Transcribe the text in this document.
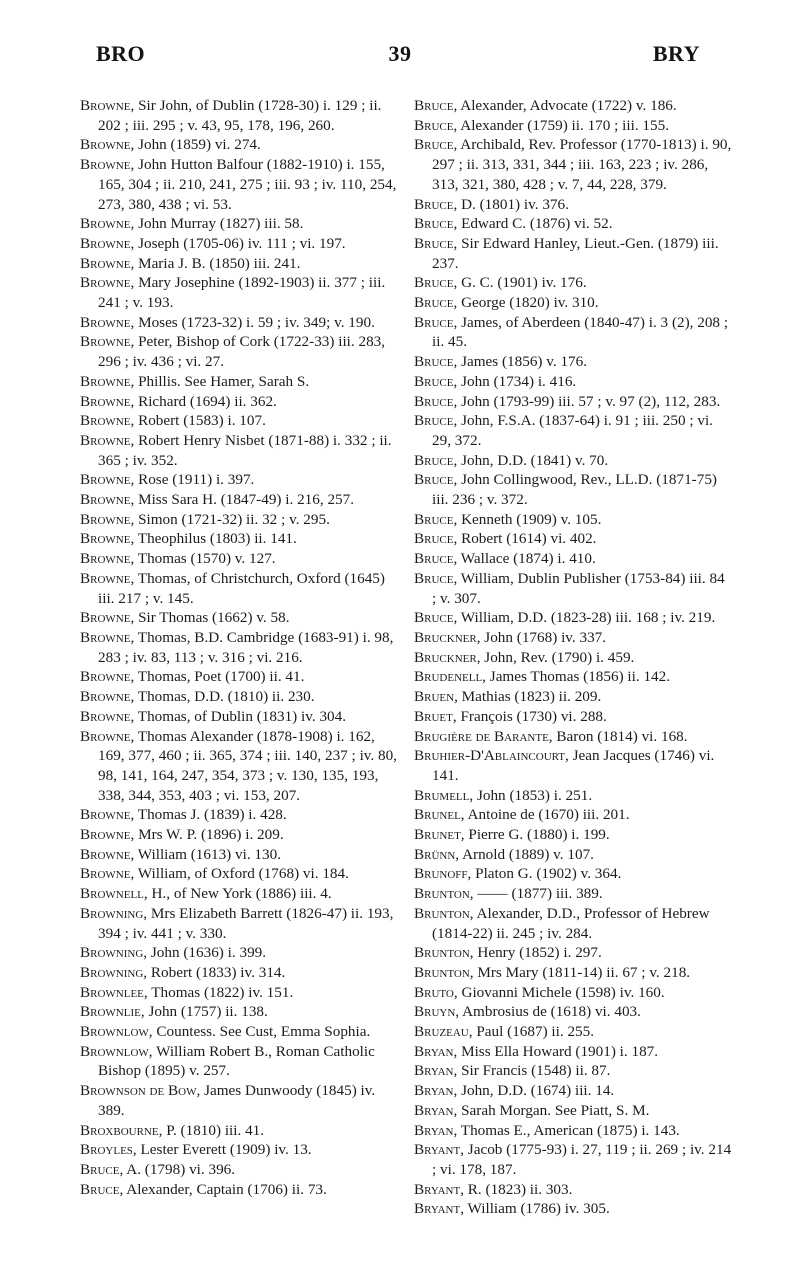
BRO	39	BRY

Browne, Sir John, of Dublin (1728-30) i. 129 ; ii. 202 ; iii. 295 ; v. 43, 95, 178, 196, 260.

Browne, John (1859) vi. 274.

Browne, John Hutton Balfour (1882-1910) i. 155, 165, 304 ; ii. 210, 241, 275 ; iii. 93 ; iv. 110, 254, 273, 380, 438 ; vi. 53.

Browne, John Murray (1827) iii. 58.

Browne, Joseph (1705-06) iv. 111 ; vi. 197.

Browne, Maria J. B. (1850) iii. 241.

Browne, Mary Josephine (1892-1903) ii. 377 ; iii. 241 ; v. 193.

Browne, Moses (1723-32) i. 59 ; iv. 349; v. 190.

Browne, Peter, Bishop of Cork (1722-33) iii. 283, 296 ; iv. 436 ; vi. 27.

Browne, Phillis. See Hamer, Sarah S.

Browne, Richard (1694) ii. 362.

Browne, Robert (1583) i. 107.

Browne, Robert Henry Nisbet (1871-88) i. 332 ; ii. 365 ; iv. 352.

Browne, Rose (1911) i. 397.

Browne, Miss Sara H. (1847-49) i. 216, 257.

Browne, Simon (1721-32) ii. 32 ; v. 295.

Browne, Theophilus (1803) ii. 141.

Browne, Thomas (1570) v. 127.

Browne, Thomas, of Christchurch, Oxford (1645) iii. 217 ; v. 145.

Browne, Sir Thomas (1662) v. 58.

Browne, Thomas, B.D. Cambridge (1683-91) i. 98, 283 ; iv. 83, 113 ; v. 316 ; vi. 216.

Browne, Thomas, Poet (1700) ii. 41.

Browne, Thomas, D.D. (1810) ii. 230.

Browne, Thomas, of Dublin (1831) iv. 304.

Browne, Thomas Alexander (1878-1908) i. 162, 169, 377, 460 ; ii. 365, 374 ; iii. 140, 237 ; iv. 80, 98, 141, 164, 247, 354, 373 ; v. 130, 135, 193, 338, 344, 353, 403 ; vi. 153, 207.

Browne, Thomas J. (1839) i. 428.

Browne, Mrs W. P. (1896) i. 209.

Browne, William (1613) vi. 130.

Browne, William, of Oxford (1768) vi. 184.

Brownell, H., of New York (1886) iii. 4.

Browning, Mrs Elizabeth Barrett (1826-47) ii. 193, 394 ; iv. 441 ; v. 330.

Browning, John (1636) i. 399.

Browning, Robert (1833) iv. 314.

Brownlee, Thomas (1822) iv. 151.

Brownlie, John (1757) ii. 138.

Brownlow, Countess. See Cust, Emma Sophia.

Brownlow, William Robert B., Roman Catholic Bishop (1895) v. 257.

Brownson de Bow, James Dunwoody (1845) iv. 389.

Broxbourne, P. (1810) iii. 41.

Broyles, Lester Everett (1909) iv. 13.

Bruce, A. (1798) vi. 396.

Bruce, Alexander, Captain (1706) ii. 73.

Bruce, Alexander, Advocate (1722) v. 186.

Bruce, Alexander (1759) ii. 170 ; iii. 155.

Bruce, Archibald, Rev. Professor (1770-1813) i. 90, 297 ; ii. 313, 331, 344 ; iii. 163, 223 ; iv. 286, 313, 321, 380, 428 ; v. 7, 44, 228, 379.

Bruce, D. (1801) iv. 376.

Bruce, Edward C. (1876) vi. 52.

Bruce, Sir Edward Hanley, Lieut.-Gen. (1879) iii. 237.

Bruce, G. C. (1901) iv. 176.

Bruce, George (1820) iv. 310.

Bruce, James, of Aberdeen (1840-47) i. 3 (2), 208 ; ii. 45.

Bruce, James (1856) v. 176.

Bruce, John (1734) i. 416.

Bruce, John (1793-99) iii. 57 ; v. 97 (2), 112, 283.

Bruce, John, F.S.A. (1837-64) i. 91 ; iii. 250 ; vi. 29, 372.

Bruce, John, D.D. (1841) v. 70.

Bruce, John Collingwood, Rev., LL.D. (1871-75) iii. 236 ; v. 372.

Bruce, Kenneth (1909) v. 105.

Bruce, Robert (1614) vi. 402.

Bruce, Wallace (1874) i. 410.

Bruce, William, Dublin Publisher (1753-84) iii. 84 ; v. 307.

Bruce, William, D.D. (1823-28) iii. 168 ; iv. 219.

Bruckner, John (1768) iv. 337.

Bruckner, John, Rev. (1790) i. 459.

Brudenell, James Thomas (1856) ii. 142.

Bruen, Mathias (1823) ii. 209.

Bruet, François (1730) vi. 288.

Brugière de Barante, Baron (1814) vi. 168.

Bruhier-D'Ablaincourt, Jean Jacques (1746) vi. 141.

Brumell, John (1853) i. 251.

Brunel, Antoine de (1670) iii. 201.

Brunet, Pierre G. (1880) i. 199.

Brünn, Arnold (1889) v. 107.

Brunoff, Platon G. (1902) v. 364.

Brunton, —— (1877) iii. 389.

Brunton, Alexander, D.D., Professor of Hebrew (1814-22) ii. 245 ; iv. 284.

Brunton, Henry (1852) i. 297.

Brunton, Mrs Mary (1811-14) ii. 67 ; v. 218.

Bruto, Giovanni Michele (1598) iv. 160.

Bruyn, Ambrosius de (1618) vi. 403.

Bruzeau, Paul (1687) ii. 255.

Bryan, Miss Ella Howard (1901) i. 187.

Bryan, Sir Francis (1548) ii. 87.

Bryan, John, D.D. (1674) iii. 14.

Bryan, Sarah Morgan. See Piatt, S. M.

Bryan, Thomas E., American (1875) i. 143.

Bryant, Jacob (1775-93) i. 27, 119 ; ii. 269 ; iv. 214 ; vi. 178, 187.

Bryant, R. (1823) ii. 303.

Bryant, William (1786) iv. 305.
